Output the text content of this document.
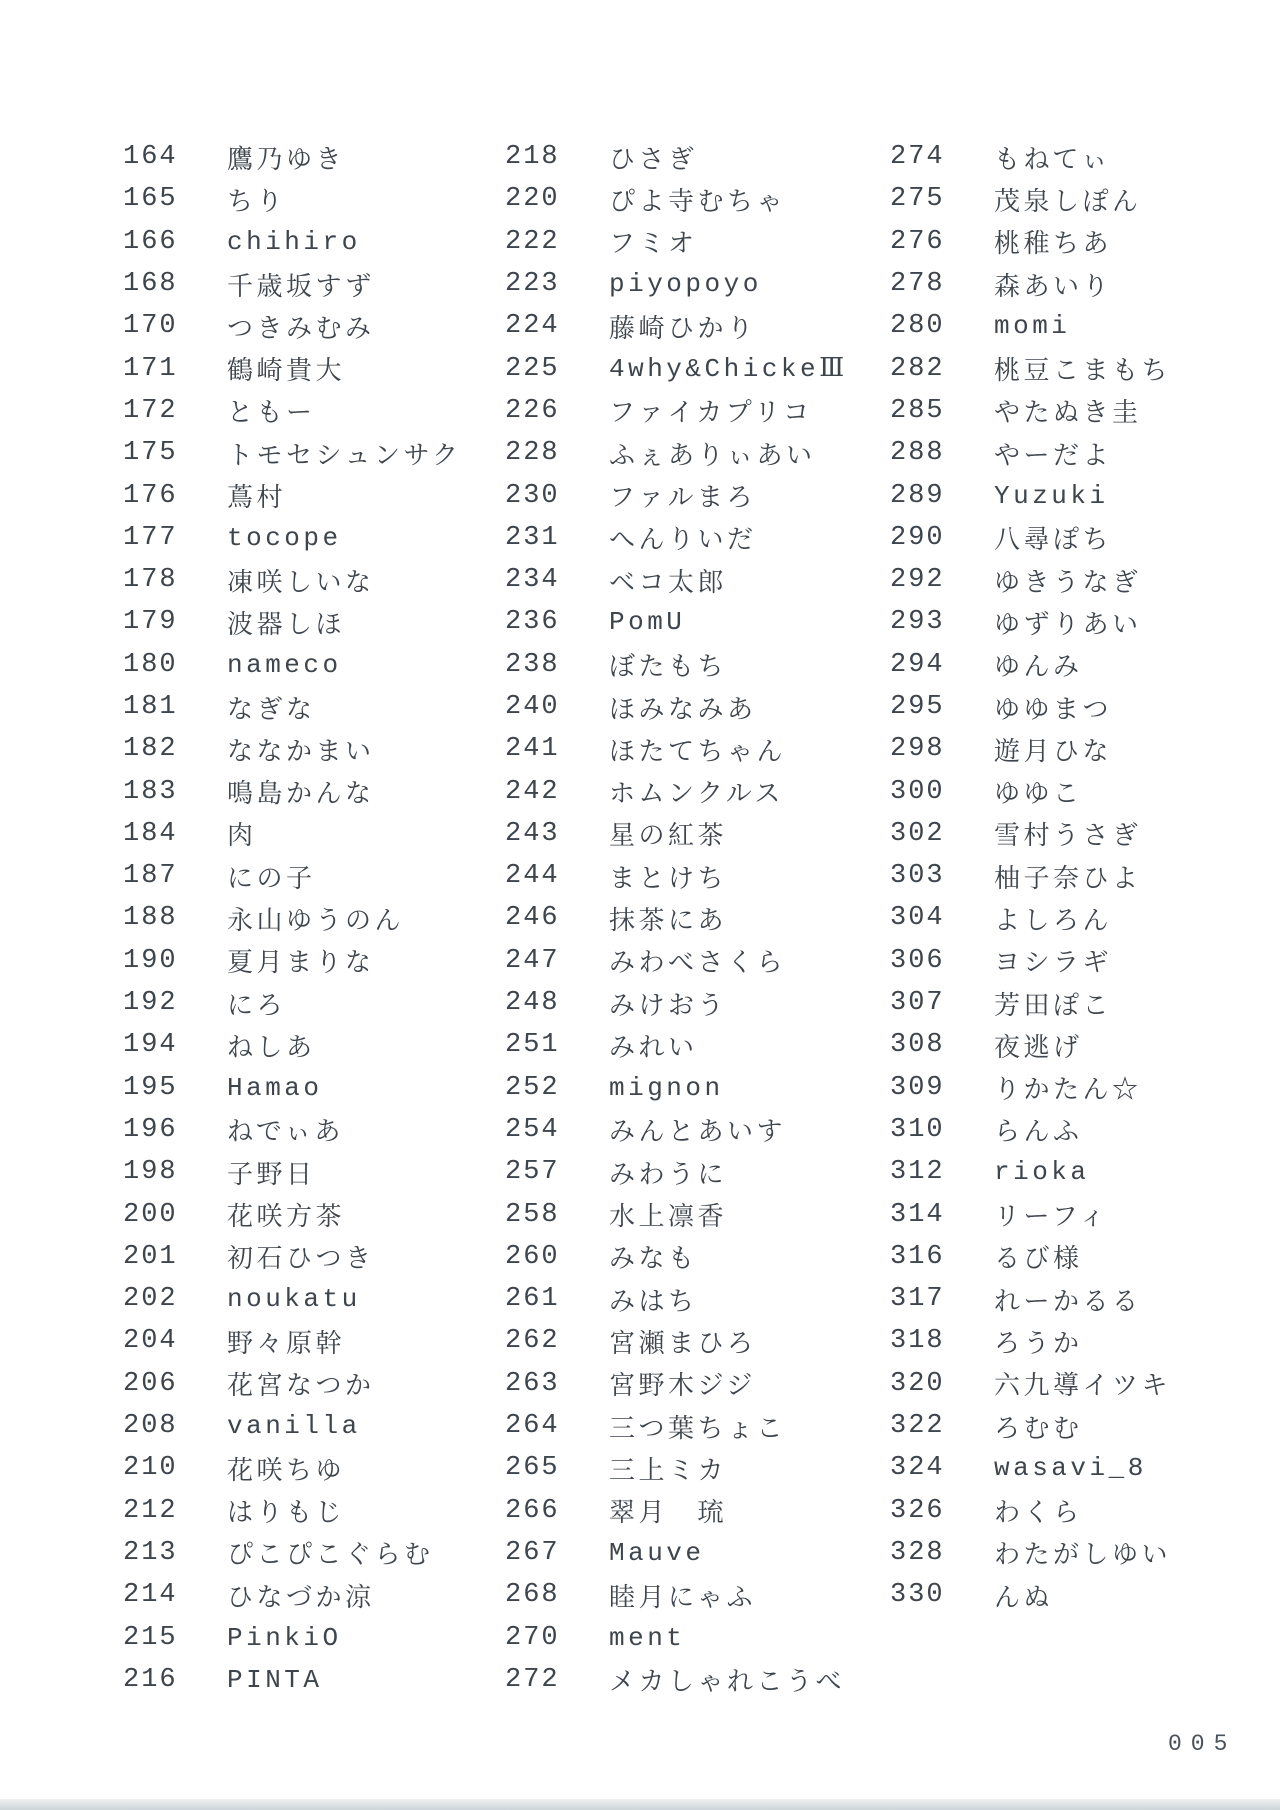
164	鷹乃ゆき
165	ちり
166	chihiro
168	千歳坂すず
170	つきみむみ
171	鶴崎貴大
172	ともー
175	トモセシュンサク
176	蔦村
177	tocope
178	凍咲しいな
179	波器しほ
180	nameco
181	なぎな
182	ななかまい
183	鳴島かんな
184	肉
187	にの子
188	永山ゆうのん
190	夏月まりな
192	にろ
194	ねしあ
195	Hamao
196	ねでぃあ
198	子野日
200	花咲方茶
201	初石ひつき
202	noukatu
204	野々原幹
206	花宮なつか
208	vanilla
210	花咲ちゆ
212	はりもじ
213	ぴこぴこぐらむ
214	ひなづか涼
215	PinkiO
216	PINTA
218	ひさぎ
220	ぴよ寺むちゃ
222	フミオ
223	piyopoyo
224	藤崎ひかり
225	4why&ChickeⅢ
226	ファイカプリコ
228	ふぇありぃあい
230	ファルまろ
231	へんりいだ
234	ベコ太郎
236	PomU
238	ぼたもち
240	ほみなみあ
241	ほたてちゃん
242	ホムンクルス
243	星の紅茶
244	まとけち
246	抹茶にあ
247	みわべさくら
248	みけおう
251	みれい
252	mignon
254	みんとあいす
257	みわうに
258	水上凛香
260	みなも
261	みはち
262	宮瀬まひろ
263	宮野木ジジ
264	三つ葉ちょこ
265	三上ミカ
266	翠月　琉
267	Mauve
268	睦月にゃふ
270	ment
272	メカしゃれこうべ
274	もねてぃ
275	茂泉しぽん
276	桃稚ちあ
278	森あいり
280	momi
282	桃豆こまもち
285	やたぬき圭
288	やーだよ
289	Yuzuki
290	八尋ぽち
292	ゆきうなぎ
293	ゆずりあい
294	ゆんみ
295	ゆゆまつ
298	遊月ひな
300	ゆゆこ
302	雪村うさぎ
303	柚子奈ひよ
304	よしろん
306	ヨシラギ
307	芳田ぽこ
308	夜逃げ
309	りかたん☆
310	らんふ
312	rioka
314	リーフィ
316	るび様
317	れーかるる
318	ろうか
320	六九導イツキ
322	ろむむ
324	wasavi_8
326	わくら
328	わたがしゆい
330	んぬ
005
